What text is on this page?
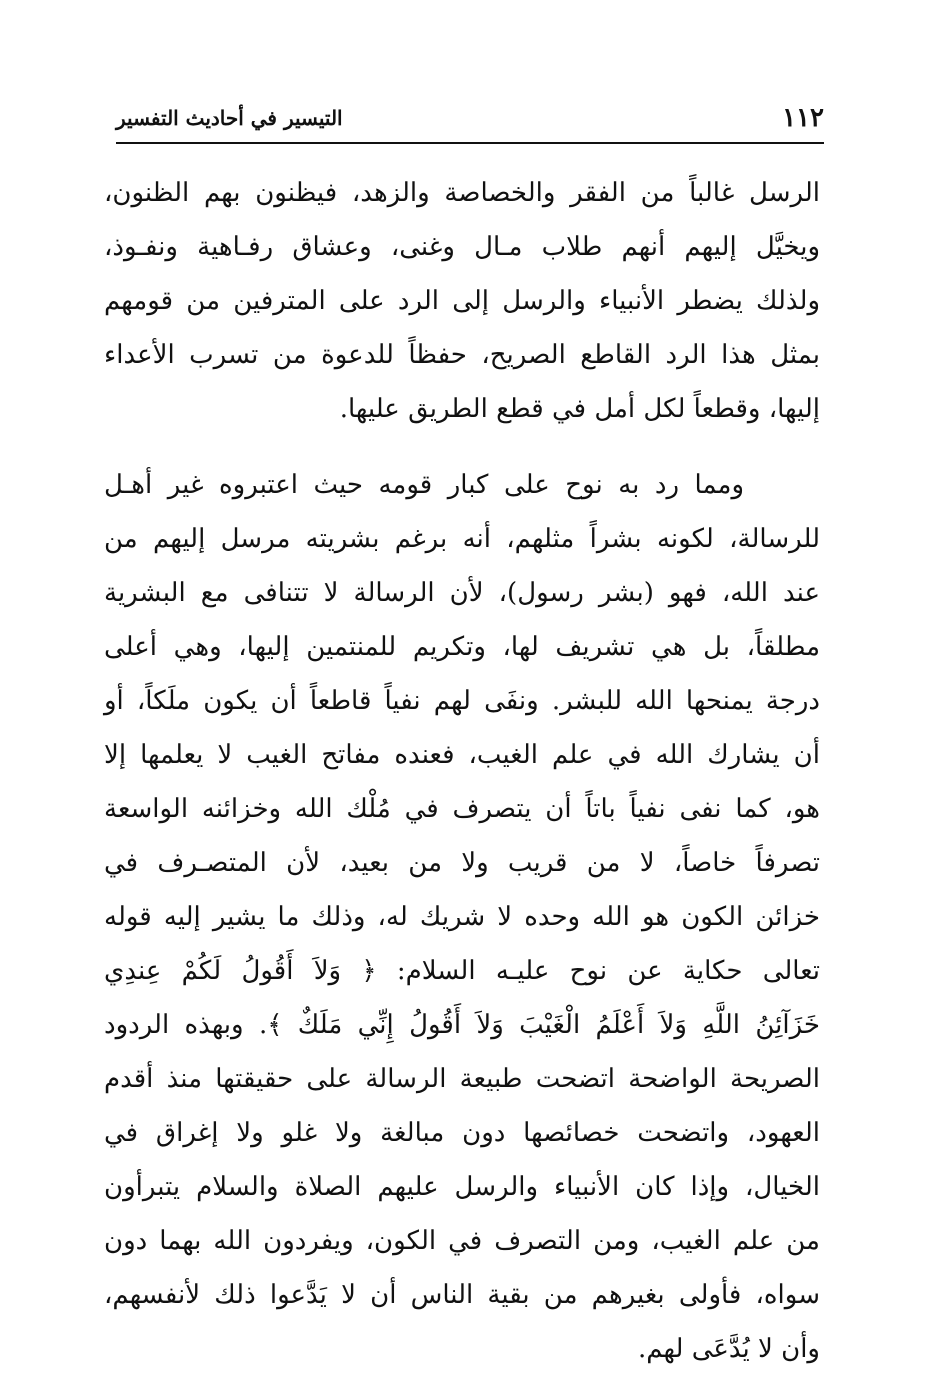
١١٢
التيسير في أحاديث التفسير

الرسل غالباً من الفقر والخصاصة والزهد، فيظنون بهم الظنون،
ويخيَّل إليهم أنهم طلاب مـال وغنى، وعشاق رفـاهية ونفـوذ،
ولذلك يضطر الأنبياء والرسل إلى الرد على المترفين من قومهم
بمثل هذا الرد القاطع الصريح، حفظاً للدعوة من تسرب الأعداء
إليها، وقطعاً لكل أمل في قطع الطريق عليها.

ومما رد به نوح على كبار قومه حيث اعتبروه غير أهـل
للرسالة، لكونه بشراً مثلهم، أنه برغم بشريته مرسل إليهم من
عند الله، فهو (بشر رسول)، لأن الرسالة لا تتنافى مع البشرية
مطلقاً، بل هي تشريف لها، وتكريم للمنتمين إليها، وهي أعلى
درجة يمنحها الله للبشر. ونفَى لهم نفياً قاطعاً أن يكون ملَكاً، أو
أن يشارك الله في علم الغيب، فعنده مفاتح الغيب لا يعلمها إلا
هو، كما نفى نفياً باتاً أن يتصرف في مُلْك الله وخزائنه الواسعة
تصرفاً خاصاً، لا من قريب ولا من بعيد، لأن المتصـرف في
خزائن الكون هو الله وحده لا شريك له، وذلك ما يشير إليه قوله
تعالى حكاية عن نوح عليـه السلام: ﴿ وَلاَ أَقُولُ لَكُمْ عِندِي
خَزَآئِنُ اللَّهِ وَلاَ أَعْلَمُ الْغَيْبَ وَلاَ أَقُولُ إِنِّي مَلَكٌ ﴾. وبهذه الردود
الصريحة الواضحة اتضحت طبيعة الرسالة على حقيقتها منذ أقدم
العهود، واتضحت خصائصها دون مبالغة ولا غلو ولا إغراق في
الخيال، وإذا كان الأنبياء والرسل عليهم الصلاة والسلام يتبرأون
من علم الغيب، ومن التصرف في الكون، ويفردون الله بهما دون
سواه، فأولى بغيرهم من بقية الناس أن لا يَدَّعوا ذلك لأنفسهم،
وأن لا يُدَّعَى لهم.
